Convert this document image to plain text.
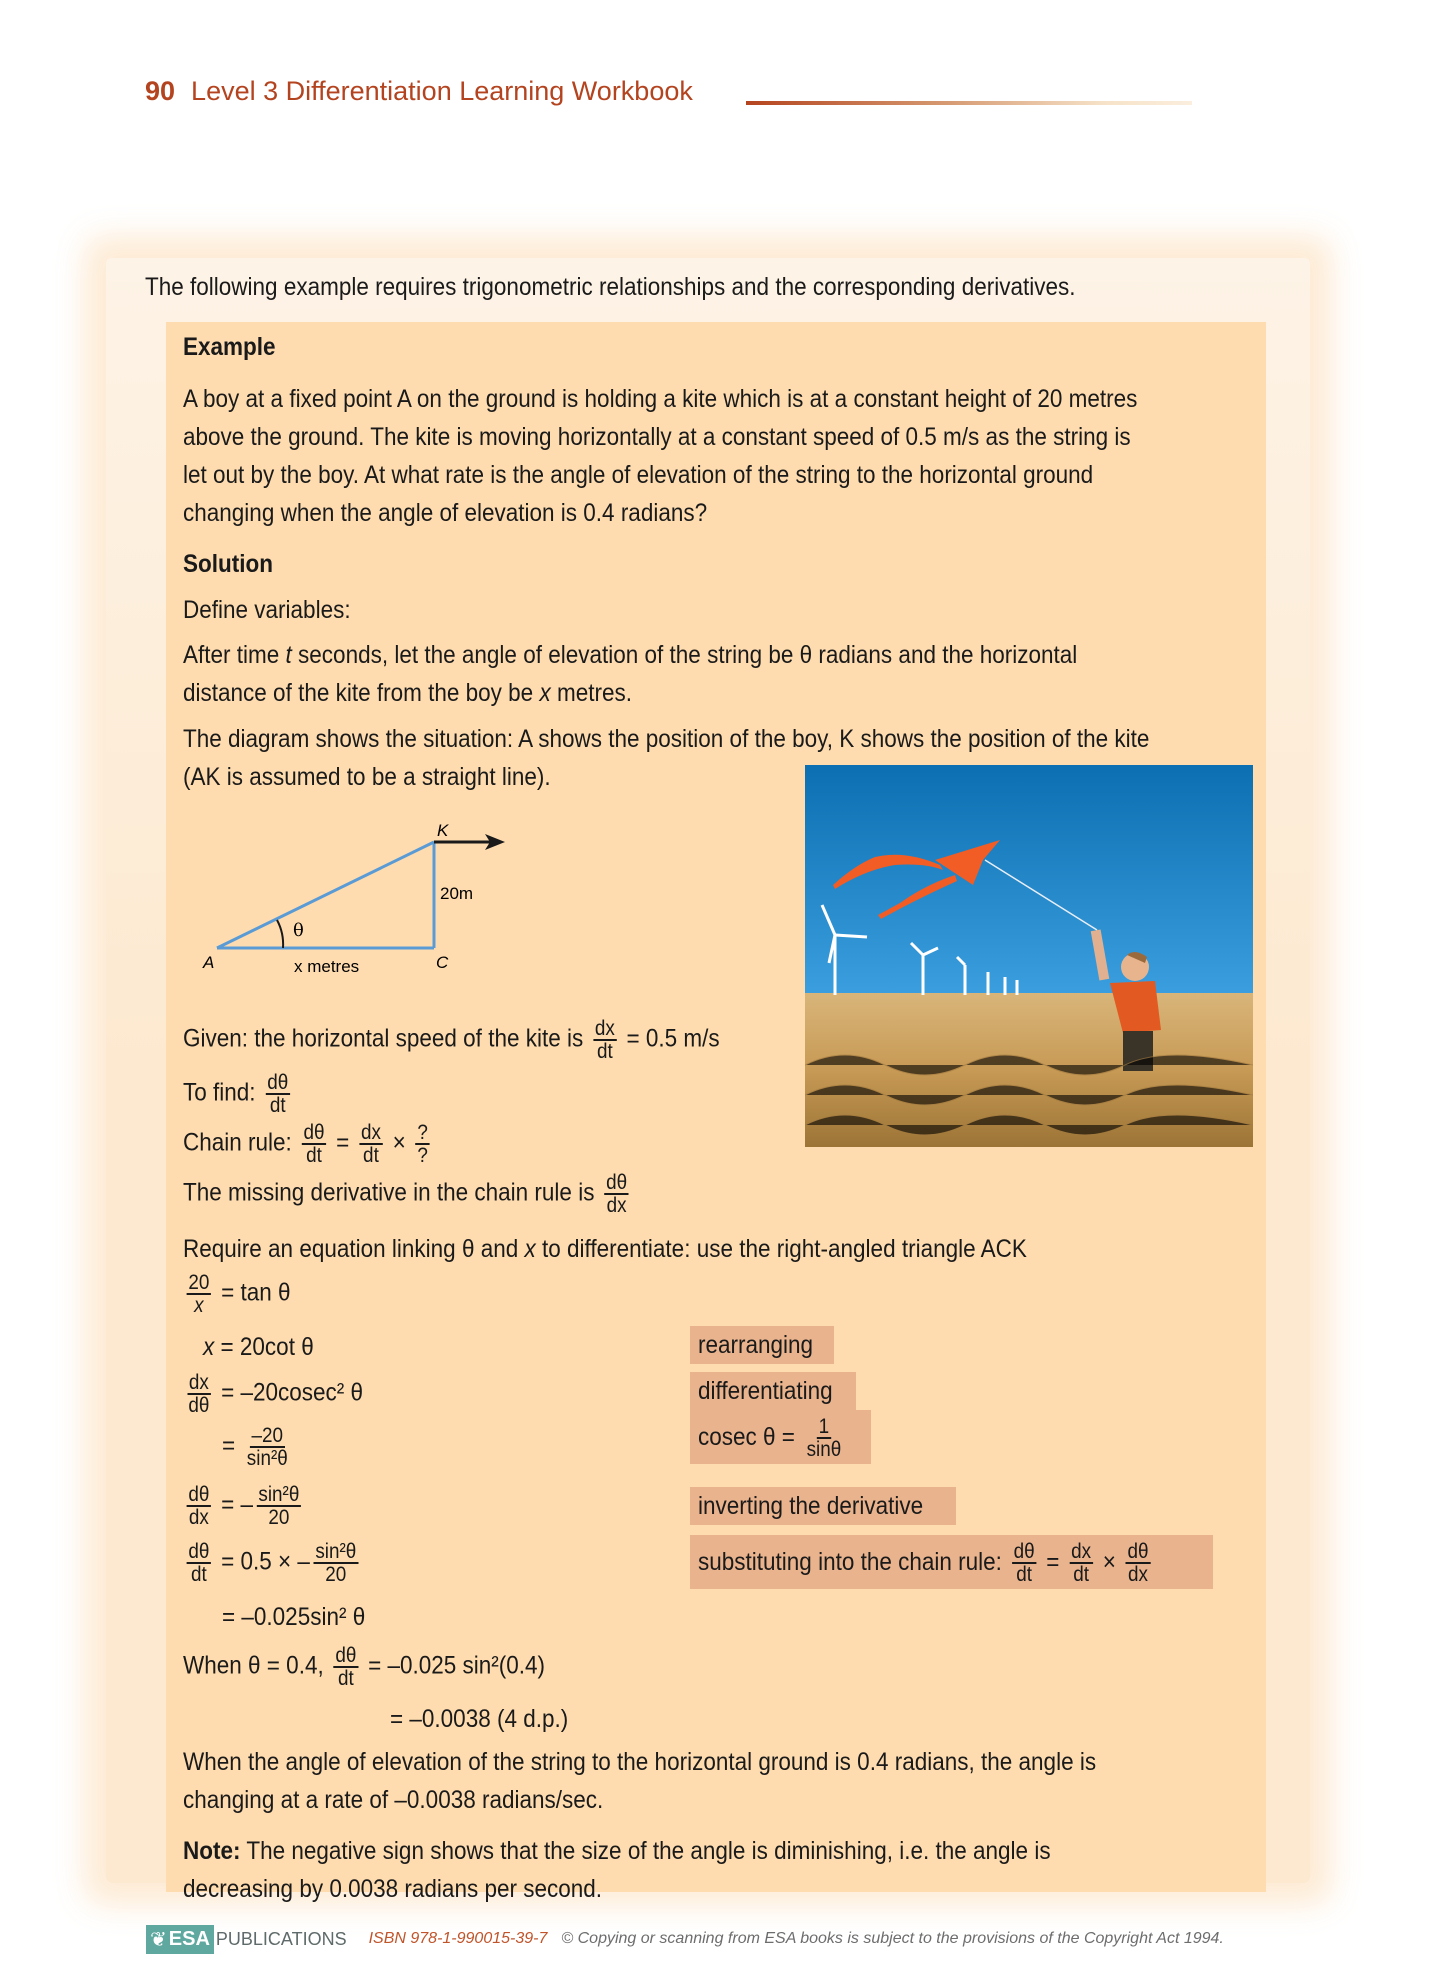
90 Level 3 Differentiation Learning Workbook
The following example requires trigonometric relationships and the corresponding derivatives.
Example
A boy at a fixed point A on the ground is holding a kite which is at a constant height of 20 metres
above the ground. The kite is moving horizontally at a constant speed of 0.5 m/s as the string is
let out by the boy. At what rate is the angle of elevation of the string to the horizontal ground
changing when the angle of elevation is 0.4 radians?
Solution
Define variables:
After time t seconds, let the angle of elevation of the string be θ radians and the horizontal
distance of the kite from the boy be x metres.
The diagram shows the situation: A shows the position of the boy, K shows the position of the kite
(AK is assumed to be a straight line).
K
20m
θ
A	C
x metres
Given: the horizontal speed of the kite is $\frac{dx}{dt} = 0.5$ m/s
To find: $\frac{d\theta}{dt}$
Chain rule: $\frac{d\theta}{dt} = \frac{dx}{dt} \times \frac{?}{?}$
The missing derivative in the chain rule is $\frac{d\theta}{dx}$
Require an equation linking θ and x to differentiate: use the right-angled triangle ACK
$\frac{20}{x} = \tan \theta$
x = 20cot θ
$\frac{dx}{d\theta} = -20cosec^2$ θ
= $\frac{-20}{\text{sin²θ}}$
$\frac{d\theta}{dx}$ = – $\frac{\text{sin²θ}}{20}$
$\frac{d\theta}{dt} = 0.5$ × – $\frac{\text{sin²θ}}{20}$
= –0.025sin² θ
When θ = 0.4, $\frac{d\theta}{dt} = -0.025$ sin²(0.4)
= –0.0038 (4 d.p.)
rearranging
differentiating
cosec $\theta = \frac{1}{\sin\theta}$
inverting the derivative
substituting into the chain rule: $\frac{d\theta}{dt} = \frac{dx}{dt} \times \frac{d\theta}{dx}$
When the angle of elevation of the string to the horizontal ground is 0.4 radians, the angle is
changing at a rate of –0.0038 radians/sec.
Note: The negative sign shows that the size of the angle is diminishing, i.e. the angle is
decreasing by 0.0038 radians per second.
❦ ESA PUBLICATIONS ISBN 978-1-990015-39-7 © Copying or scanning from ESA books is subject to the provisions of the Copyright Act 1994.
